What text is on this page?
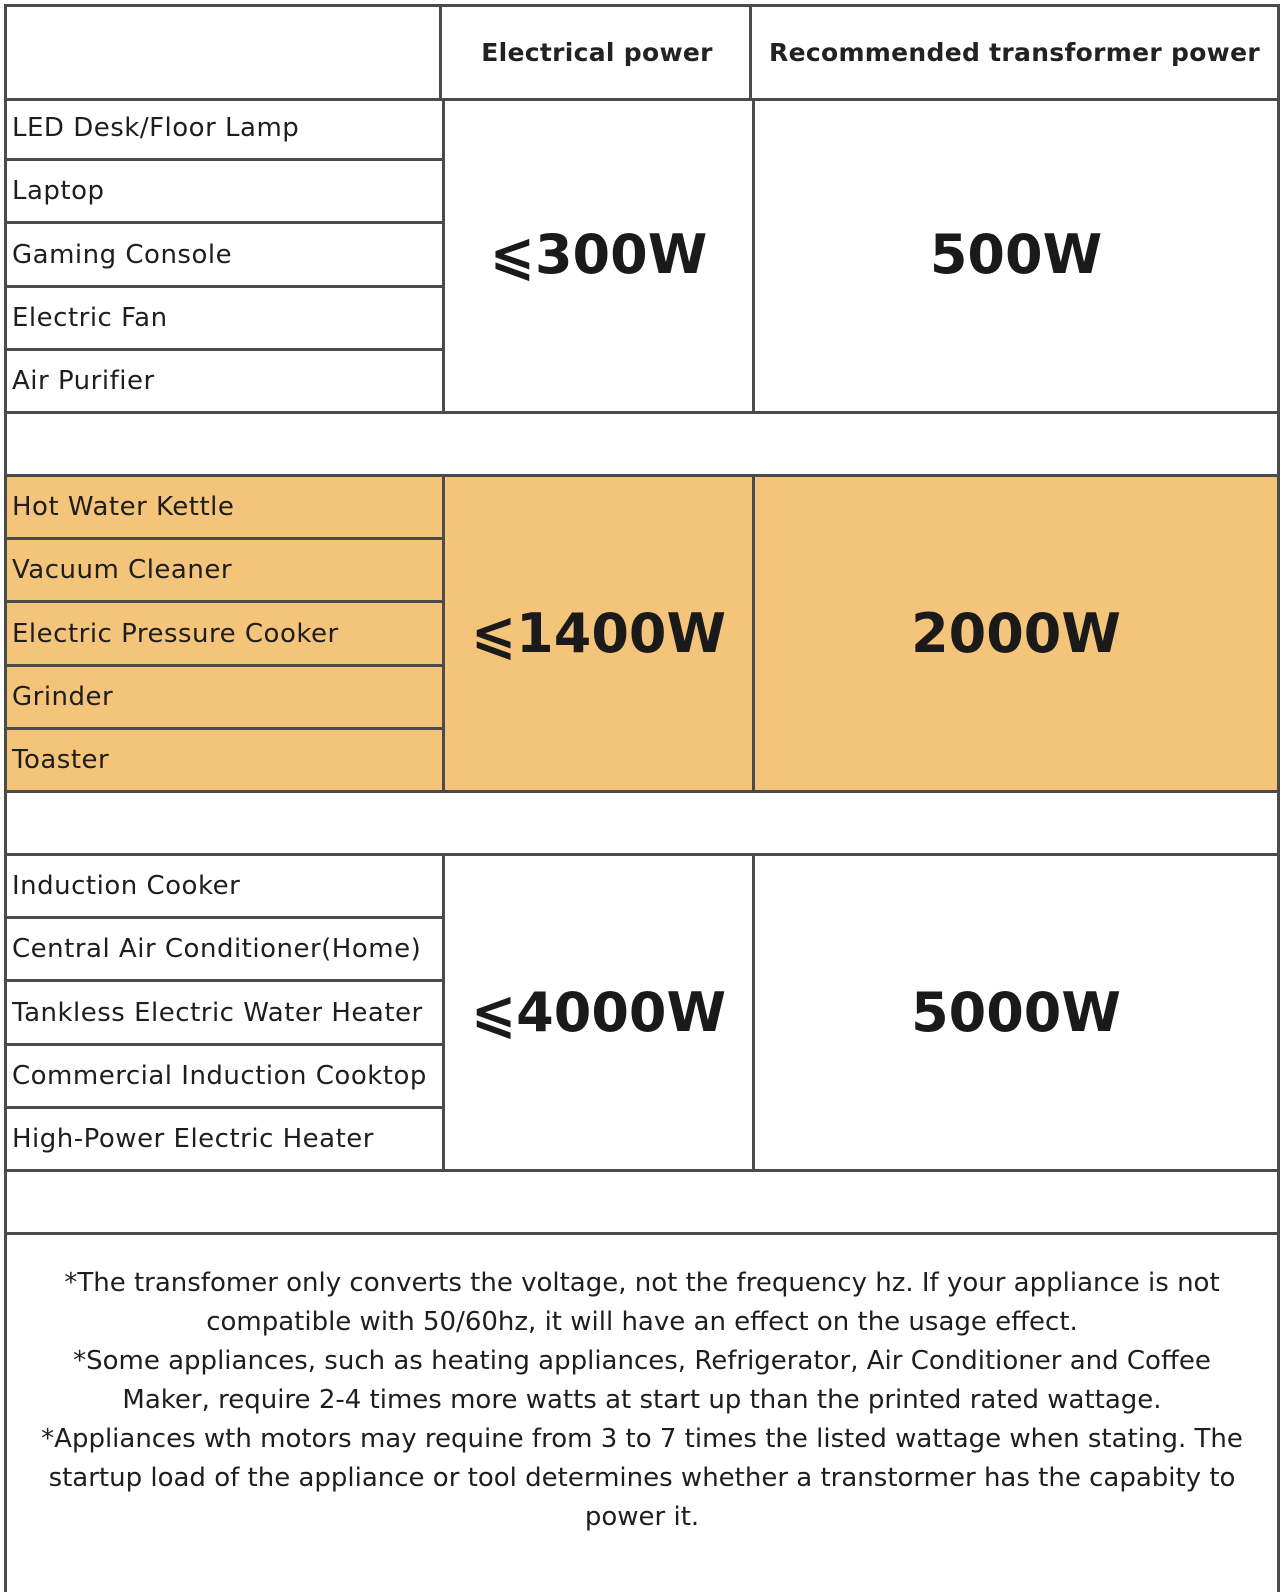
Electrical power	Recommended transformer power
LED Desk/Floor Lamp
Laptop
Gaming Console
Electric Fan
Air Purifier
⩽300W	500W
Hot Water Kettle
Vacuum Cleaner
Electric Pressure Cooker
Grinder
Toaster
⩽1400W	2000W
Induction Cooker
Central Air Conditioner(Home)
Tankless Electric Water Heater
Commercial Induction Cooktop
High-Power Electric Heater
⩽4000W	5000W

*The transfomer only converts the voltage, not the frequency hz. If your appliance is not compatible with 50/60hz, it will have an effect on the usage effect.

*Some appliances, such as heating appliances, Refrigerator, Air Conditioner and Coffee Maker, require 2-4 times more watts at start up than the printed rated wattage.

*Appliances wth motors may requine from 3 to 7 times the listed wattage when stating. The startup load of the appliance or tool determines whether a transtormer has the capabity to power it.
